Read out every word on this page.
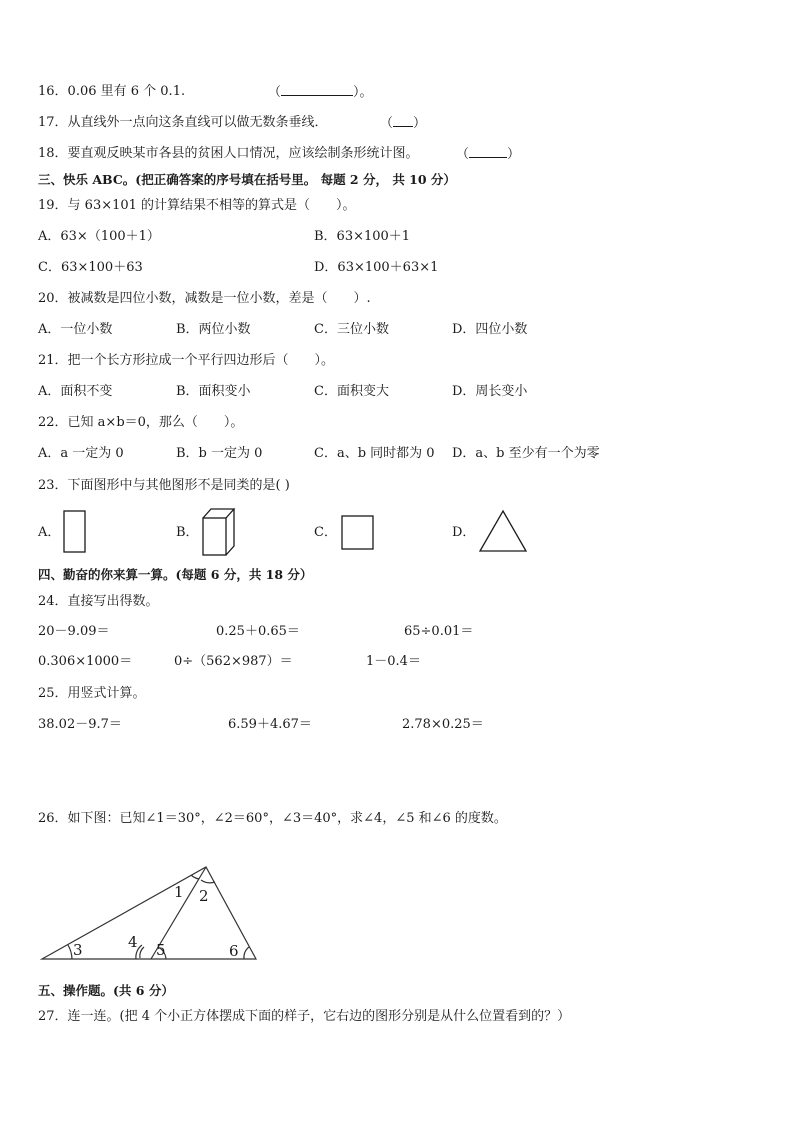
16．0.06 里有 6 个 0.1.	（	）。
17．从直线外一点向这条直线可以做无数条垂线．	（ ）
18．要直观反映某市各县的贫困人口情况，应该绘制条形统计图。	（	）
三、快乐 ABC。(把正确答案的序号填在括号里。 每题 2 分， 共 10 分）
19．与 63×101 的计算结果不相等的算式是（　　）。
A．63×（100＋1）	B．63×100＋1
C．63×100＋63	D．63×100＋63×1
20．被减数是四位小数，减数是一位小数，差是（　　）.
A．一位小数	B．两位小数	C．三位小数	D．四位小数
21．把一个长方形拉成一个平行四边形后（　　）。
A．面积不变	B．面积变小	C．面积变大	D．周长变小
22．已知 a×b＝0，那么（　　）。
A．a 一定为 0	B．b 一定为 0	C．a、b 同时都为 0 D．a、b 至少有一个为零
23．下面图形中与其他图形不是同类的是( )
A．	B．	C．	D．
四、勤奋的你来算一算。(每题 6 分，共 18 分）
24．直接写出得数。
20－9.09＝	0.25＋0.65＝	65÷0.01＝
0.306×1000＝	0÷（562×987）＝	1－0.4＝
25．用竖式计算。
38.02－9.7＝	6.59＋4.67＝	2.78×0.25＝
26．如下图：已知∠1＝30°，∠2＝60°，∠3＝40°，求∠4，∠5 和∠6 的度数。
1 2
3	4 5	6
五、操作题。(共 6 分）
27．连一连。(把 4 个小正方体摆成下面的样子，它右边的图形分别是从什么位置看到的？）
